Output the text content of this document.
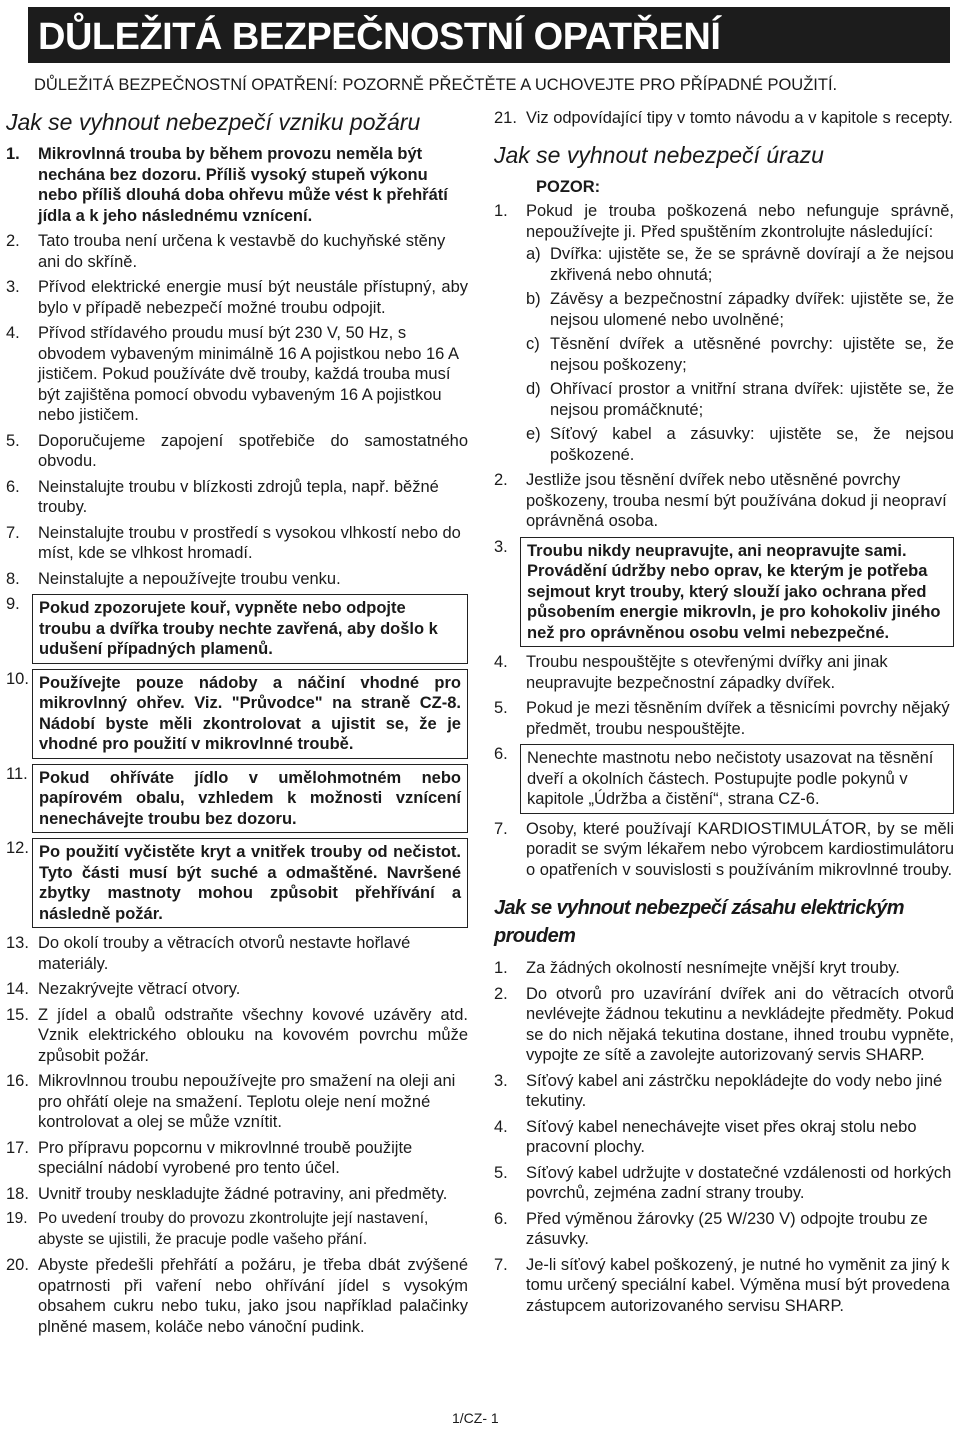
DŮLEŽITÁ BEZPEČNOSTNÍ OPATŘENÍ
DŮLEŽITÁ BEZPEČNOSTNÍ OPATŘENÍ: POZORNĚ PŘEČTĚTE A UCHOVEJTE PRO PŘÍPADNÉ POUŽITÍ.
Jak se vyhnout nebezpečí vzniku požáru
1. Mikrovlnná trouba by během provozu neměla být nechána bez dozoru. Příliš vysoký stupeň výkonu nebo příliš dlouhá doba ohřevu může vést k přehřátí jídla a k jeho následnému vznícení.
2. Tato trouba není určena k vestavbě do kuchyňské stěny ani do skříně.
3. Přívod elektrické energie musí být neustále přístupný, aby bylo v případě nebezpečí možné troubu odpojit.
4. Přívod střídavého proudu musí být 230 V, 50 Hz, s obvodem vybaveným minimálně 16 A pojistkou nebo 16 A jističem. Pokud používáte dvě trouby, každá trouba musí být zajištěna pomocí obvodu vybaveným 16 A pojistkou nebo jističem.
5. Doporučujeme zapojení spotřebiče do samostatného obvodu.
6. Neinstalujte troubu v blízkosti zdrojů tepla, např. běžné trouby.
7. Neinstalujte troubu v prostředí s vysokou vlhkostí nebo do míst, kde se vlhkost hromadí.
8. Neinstalujte a nepoužívejte troubu venku.
9.	Pokud zpozorujete kouř, vypněte nebo odpojte troubu a dvířka trouby nechte zavřená, aby došlo k udušení případných plamenů.
10. Používejte pouze nádoby a náčiní vhodné pro mikrovlnný ohřev. Viz. "Průvodce" na straně CZ-8. Nádobí byste měli zkontrolovat a ujistit se, že je vhodné pro použití v mikrovlnné troubě.
11. Pokud ohříváte jídlo v umělohmotném nebo papírovém obalu, vzhledem k možnosti vznícení nenechávejte troubu bez dozoru.
12. Po použití vyčistěte kryt a vnitřek trouby od nečistot. Tyto části musí být suché a odmaštěné. Navršené zbytky mastnoty mohou způsobit přehřívání a následně požár.
13. Do okolí trouby a větracích otvorů nestavte hořlavé materiály.
14. Nezakrývejte větrací otvory.
15. Z jídel a obalů odstraňte všechny kovové uzávěry atd. Vznik elektrického oblouku na kovovém povrchu může způsobit požár.
16. Mikrovlnnou troubu nepoužívejte pro smažení na oleji ani pro ohřátí oleje na smažení. Teplotu oleje není možné kontrolovat a olej se může vznítit.
17. Pro přípravu popcornu v mikrovlnné troubě použijte speciální nádobí vyrobené pro tento účel.
18. Uvnitř trouby neskladujte žádné potraviny, ani předměty.
19. Po uvedení trouby do provozu zkontrolujte její nastavení, abyste se ujistili, že pracuje podle vašeho přání.
20. Abyste předešli přehřátí a požáru, je třeba dbát zvýšené opatrnosti při vaření nebo ohřívání jídel s vysokým obsahem cukru nebo tuku, jako jsou například palačinky plněné masem, koláče nebo vánoční pudink.
21. Viz odpovídající tipy v tomto návodu a v kapitole s recepty.
Jak se vyhnout nebezpečí úrazu
POZOR:
1. Pokud je trouba poškozená nebo nefunguje správně, nepoužívejte ji. Před spuštěním zkontrolujte následující:
a) Dvířka: ujistěte se, že se správně dovírají a že nejsou zkřivená nebo ohnutá;
b) Závěsy a bezpečnostní západky dvířek: ujistěte se, že nejsou ulomené nebo uvolněné;
c) Těsnění dvířek a utěsněné povrchy: ujistěte se, že nejsou poškozeny;
d) Ohřívací prostor a vnitřní strana dvířek: ujistěte se, že nejsou promáčknuté;
e) Síťový kabel a zásuvky: ujistěte se, že nejsou poškozené.
2. Jestliže jsou těsnění dvířek nebo utěsněné povrchy poškozeny, trouba nesmí být používána dokud ji neopraví oprávněná osoba.
3.	Troubu nikdy neupravujte, ani neopravujte sami. Provádění údržby nebo oprav, ke kterým je potřeba sejmout kryt trouby, který slouží jako ochrana před působením energie mikrovln, je pro kohokoliv jiného než pro oprávněnou osobu velmi nebezpečné.
4. Troubu nespouštějte s otevřenými dvířky ani jinak neupravujte bezpečnostní západky dvířek.
5. Pokud je mezi těsněním dvířek a těsnicími povrchy nějaký předmět, troubu nespouštějte.
6.	Nenechte mastnotu nebo nečistoty usazovat na těsnění dveří a okolních částech. Postupujte podle pokynů v kapitole „Údržba a čistění“, strana CZ-6.
7. Osoby, které používají KARDIOSTIMULÁTOR, by se měli poradit se svým lékařem nebo výrobcem kardiostimulátoru o opatřeních v souvislosti s používáním mikrovlnné trouby.
Jak se vyhnout nebezpečí zásahu elektrickým proudem
1. Za žádných okolností nesnímejte vnější kryt trouby.
2. Do otvorů pro uzavírání dvířek ani do větracích otvorů nevlévejte žádnou tekutinu a nevkládejte předměty. Pokud se do nich nějaká tekutina dostane, ihned troubu vypněte, vypojte ze sítě a zavolejte autorizovaný servis SHARP.
3. Síťový kabel ani zástrčku nepokládejte do vody nebo jiné tekutiny.
4. Síťový kabel nenechávejte viset přes okraj stolu nebo pracovní plochy.
5. Síťový kabel udržujte v dostatečné vzdálenosti od horkých povrchů, zejména zadní strany trouby.
6. Před výměnou žárovky (25 W/230 V) odpojte troubu ze zásuvky.
7. Je-li síťový kabel poškozený, je nutné ho vyměnit za jiný k tomu určený speciální kabel. Výměna musí být provedena zástupcem autorizovaného servisu SHARP.
1/CZ- 1
